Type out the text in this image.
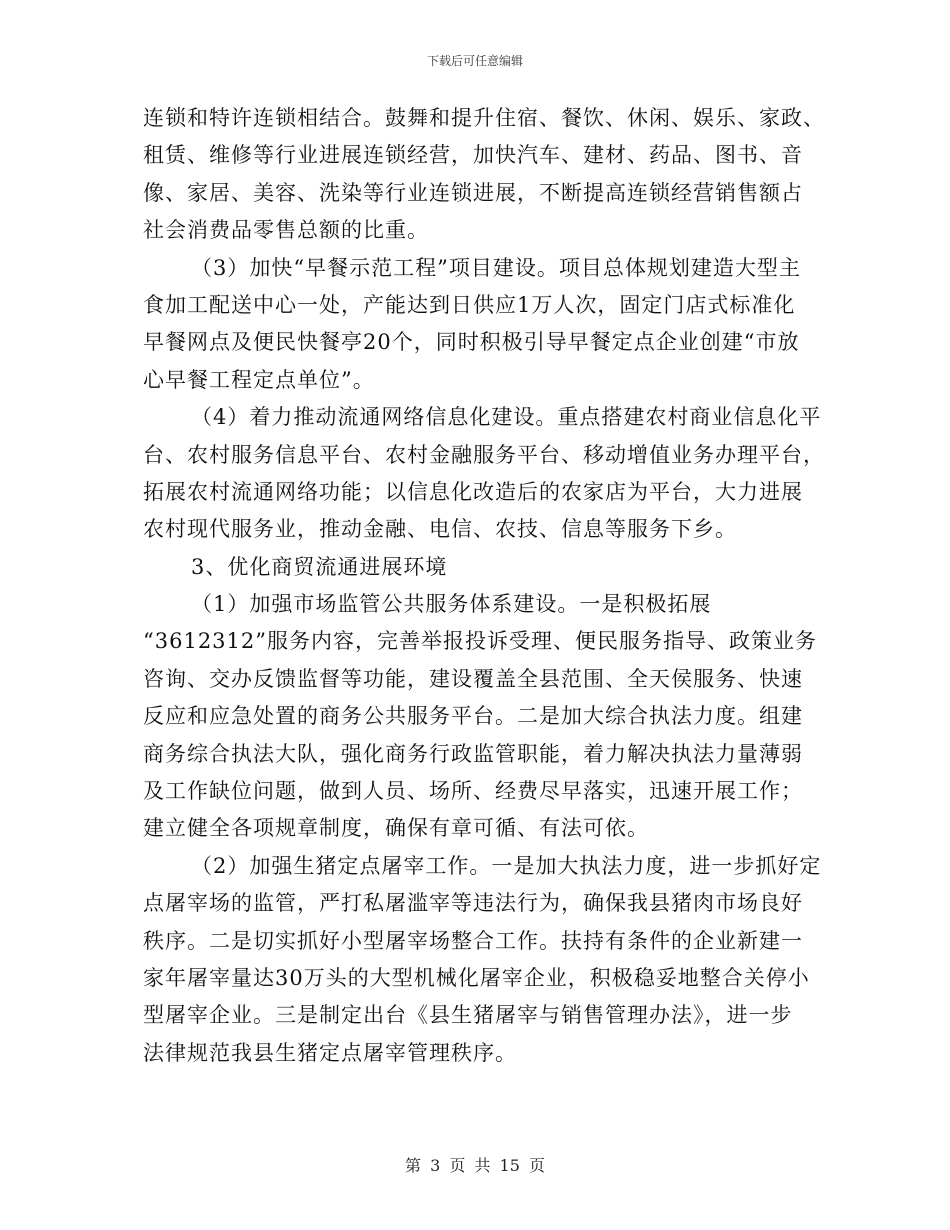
下载后可任意编辑
连锁和特许连锁相结合。鼓舞和提升住宿、餐饮、休闲、娱乐、家政、
租赁、维修等行业进展连锁经营，加快汽车、建材、药品、图书、音
像、家居、美容、洗染等行业连锁进展，不断提高连锁经营销售额占
社会消费品零售总额的比重。
（3）加快“早餐示范工程”项目建设。项目总体规划建造大型主
食加工配送中心一处，产能达到日供应1万人次，固定门店式标准化
早餐网点及便民快餐亭20个，同时积极引导早餐定点企业创建“市放
心早餐工程定点单位”。
（4）着力推动流通网络信息化建设。重点搭建农村商业信息化平
台、农村服务信息平台、农村金融服务平台、移动增值业务办理平台，
拓展农村流通网络功能；以信息化改造后的农家店为平台，大力进展
农村现代服务业，推动金融、电信、农技、信息等服务下乡。
3、优化商贸流通进展环境
（1）加强市场监管公共服务体系建设。一是积极拓展
“3612312”服务内容，完善举报投诉受理、便民服务指导、政策业务
咨询、交办反馈监督等功能，建设覆盖全县范围、全天侯服务、快速
反应和应急处置的商务公共服务平台。二是加大综合执法力度。组建
商务综合执法大队，强化商务行政监管职能，着力解决执法力量薄弱
及工作缺位问题，做到人员、场所、经费尽早落实，迅速开展工作；
建立健全各项规章制度，确保有章可循、有法可依。
（2）加强生猪定点屠宰工作。一是加大执法力度，进一步抓好定
点屠宰场的监管，严打私屠滥宰等违法行为，确保我县猪肉市场良好
秩序。二是切实抓好小型屠宰场整合工作。扶持有条件的企业新建一
家年屠宰量达30万头的大型机械化屠宰企业，积极稳妥地整合关停小
型屠宰企业。三是制定出台《县生猪屠宰与销售管理办法》，进一步
法律规范我县生猪定点屠宰管理秩序。
第 3 页 共 15 页
